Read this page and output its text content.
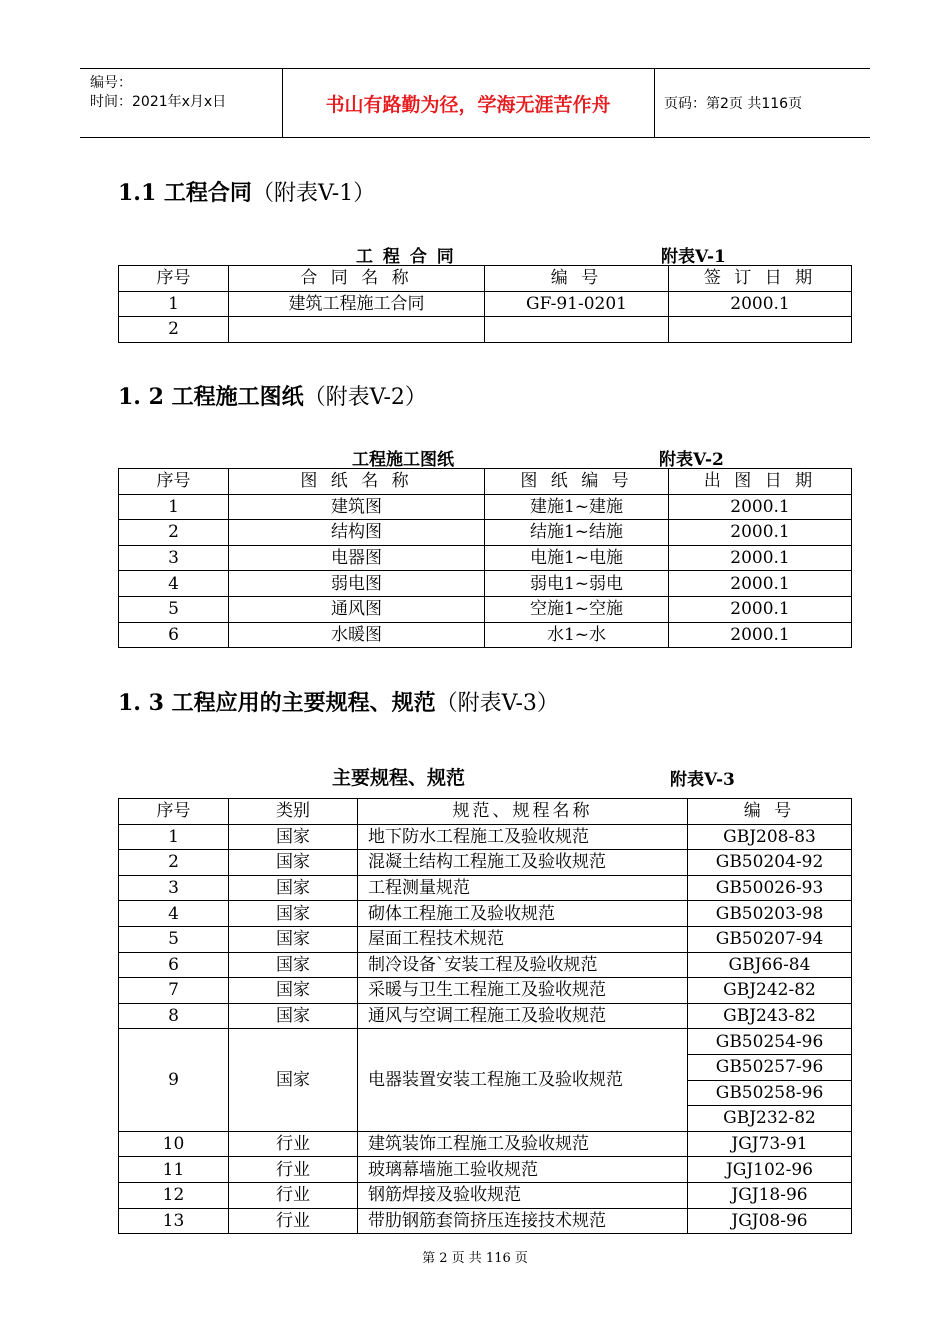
编号：
时间：2021年x月x日	书山有路勤为径，学海无涯苦作舟	页码：第2页 共116页
1.1 工程合同（附表V-1）
工 程 合 同	附表V-1
序号	合 同 名 称	编 号	签 订 日 期
1	建筑工程施工合同	GF-91-0201	2000.1
2			
1. 2 工程施工图纸（附表V-2）
工程施工图纸	附表V-2
序号	图 纸 名 称	图 纸 编 号	出 图 日 期
1	建筑图	建施1~建施	2000.1
2	结构图	结施1~结施	2000.1
3	电器图	电施1~电施	2000.1
4	弱电图	弱电1~弱电	2000.1
5	通风图	空施1~空施	2000.1
6	水暖图	水1~水	2000.1
1. 3 工程应用的主要规程、规范（附表V-3）
主要规程、规范	附表V-3
序号	类别	规范、规程名称	编 号
1	国家	地下防水工程施工及验收规范	GBJ208-83
2	国家	混凝土结构工程施工及验收规范	GB50204-92
3	国家	工程测量规范	GB50026-93
4	国家	砌体工程施工及验收规范	GB50203-98
5	国家	屋面工程技术规范	GB50207-94
6	国家	制冷设备`安装工程及验收规范	GBJ66-84
7	国家	采暖与卫生工程施工及验收规范	GBJ242-82
8	国家	通风与空调工程施工及验收规范	GBJ243-82
9	国家	电器装置安装工程施工及验收规范	GB50254-96
			GB50257-96
			GB50258-96
			GBJ232-82
10	行业	建筑装饰工程施工及验收规范	JGJ73-91
11	行业	玻璃幕墙施工验收规范	JGJ102-96
12	行业	钢筋焊接及验收规范	JGJ18-96
13	行业	带肋钢筋套筒挤压连接技术规范	JGJ08-96
第 2 页 共 116 页
